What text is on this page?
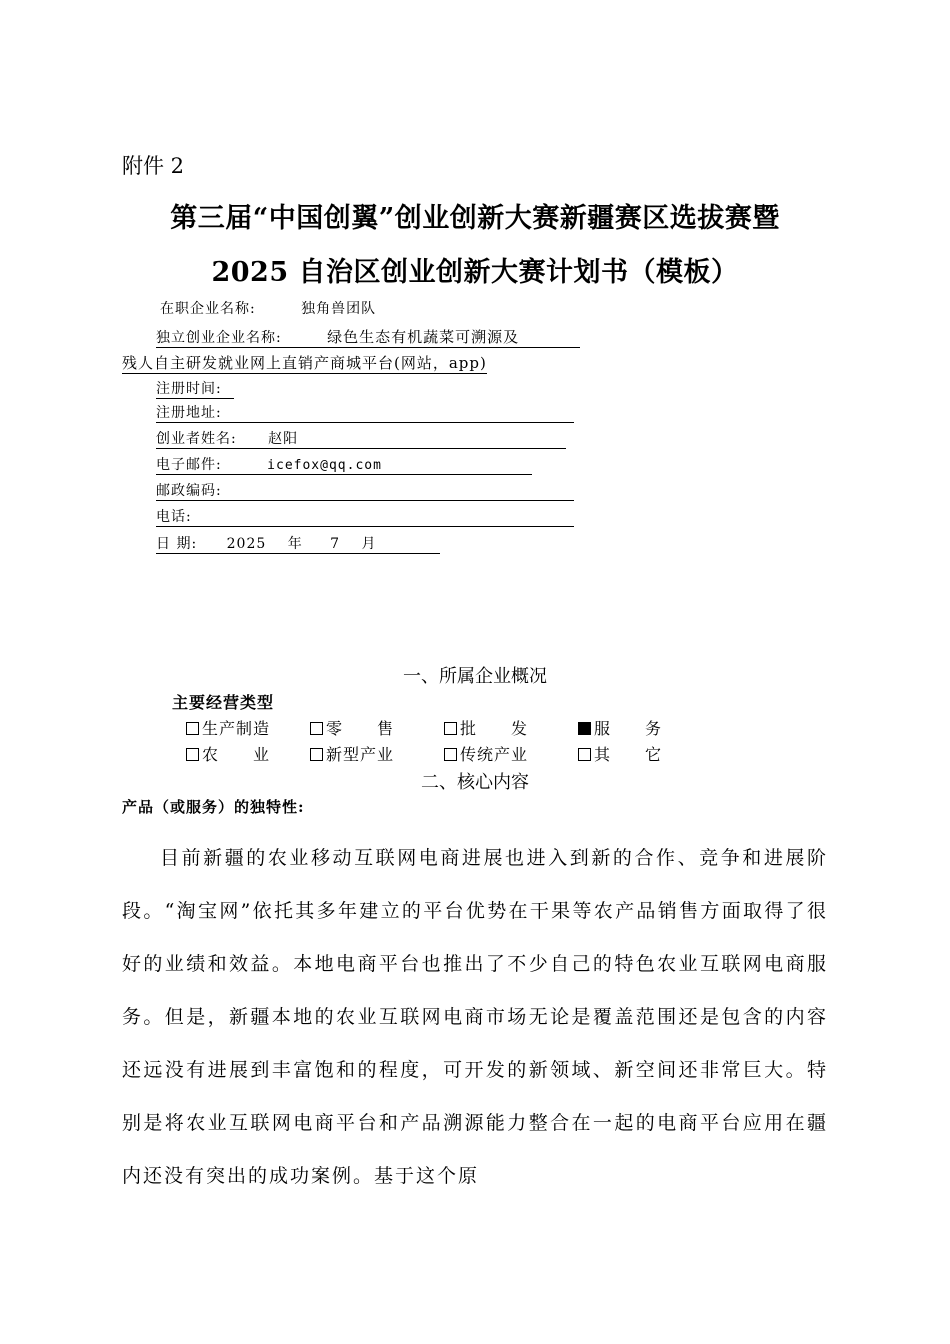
附件 2
第三届“中国创翼”创业创新大赛新疆赛区选拔赛暨
2025 自治区创业创新大赛计划书（模板）
在职企业名称:	独角兽团队
独立创业企业名称:	绿色生态有机蔬菜可溯源及
残人自主研发就业网上直销产商城平台(网站，app)
注册时间:
注册地址:
创业者姓名: 赵阳
电子邮件:	icefox@qq.com
邮政编码:
电话:
日 期: 2025 年 7 月
一、所属企业概况
主要经营类型
生产制造	零　　售	批　　发	服　　务
农　　业	新型产业	传统产业	其　　它
二、核心内容
产品（或服务）的独特性:
目前新疆的农业移动互联网电商进展也进入到新的合作、竞争和进展阶段。“淘宝网”依托其多年建立的平台优势在干果等农产品销售方面取得了很好的业绩和效益。本地电商平台也推出了不少自己的特色农业互联网电商服务。但是，新疆本地的农业互联网电商市场无论是覆盖范围还是包含的内容还远没有进展到丰富饱和的程度，可开发的新领域、新空间还非常巨大。特别是将农业互联网电商平台和产品溯源能力整合在一起的电商平台应用在疆内还没有突出的成功案例。基于这个原
